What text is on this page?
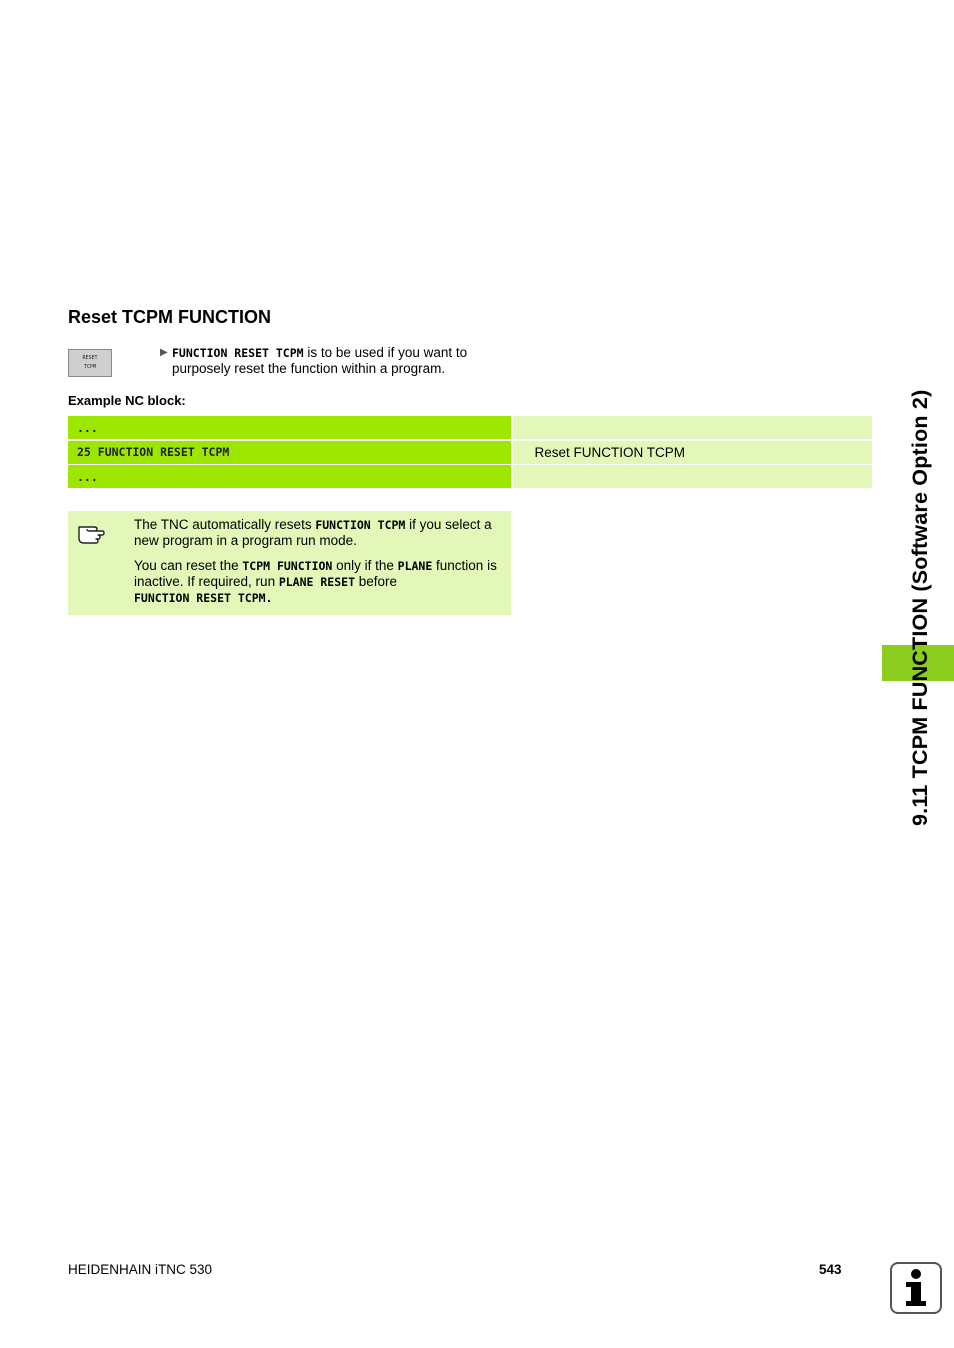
Reset TCPM FUNCTION
RESET
TCPM
▶ FUNCTION RESET TCPM is to be used if you want to purposely reset the function within a program.
Example NC block:
...
25 FUNCTION RESET TCPM	Reset FUNCTION TCPM
...

The TNC automatically resets FUNCTION TCPM if you select a new program in a program run mode.

You can reset the TCPM FUNCTION only if the PLANE function is inactive. If required, run PLANE RESET before
FUNCTION RESET TCPM.	9.11 TCPM FUNCTION (Software Option 2)
HEIDENHAIN iTNC 530	543
